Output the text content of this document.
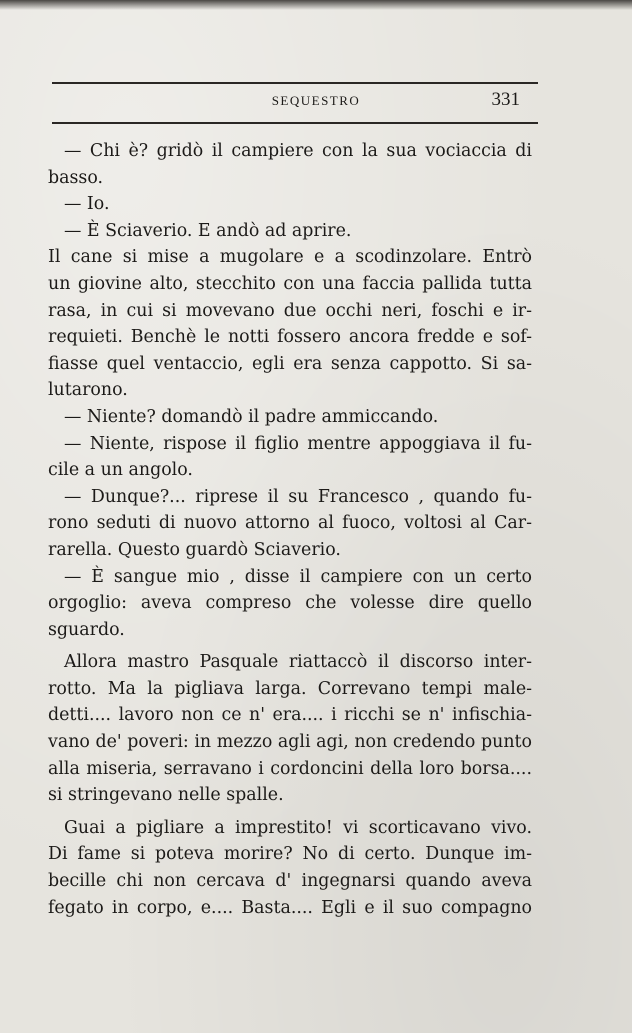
SEQUESTRO	331
— Chi è? gridò il campiere con la sua vociaccia di
basso.
— Io.
— È Sciaverio. E andò ad aprire.
Il cane si mise a mugolare e a scodinzolare. Entrò
un giovine alto, stecchito con una faccia pallida tutta
rasa, in cui si movevano due occhi neri, foschi e ir-
requieti. Benchè le notti fossero ancora fredde e sof-
fiasse quel ventaccio, egli era senza cappotto. Si sa-
lutarono.
— Niente? domandò il padre ammiccando.
— Niente, rispose il figlio mentre appoggiava il fu-
cile a un angolo.
— Dunque?... riprese il su Francesco , quando fu-
rono seduti di nuovo attorno al fuoco, voltosi al Car-
rarella. Questo guardò Sciaverio.
— È sangue mio , disse il campiere con un certo
orgoglio: aveva compreso che volesse dire quello
sguardo.
Allora mastro Pasquale riattaccò il discorso inter-
rotto. Ma la pigliava larga. Correvano tempi male-
detti.... lavoro non ce n' era.... i ricchi se n' infischia-
vano de' poveri: in mezzo agli agi, non credendo punto
alla miseria, serravano i cordoncini della loro borsa....
si stringevano nelle spalle.
Guai a pigliare a imprestito! vi scorticavano vivo.
Di fame si poteva morire? No di certo. Dunque im-
becille chi non cercava d' ingegnarsi quando aveva
fegato in corpo, e.... Basta.... Egli e il suo compagno
